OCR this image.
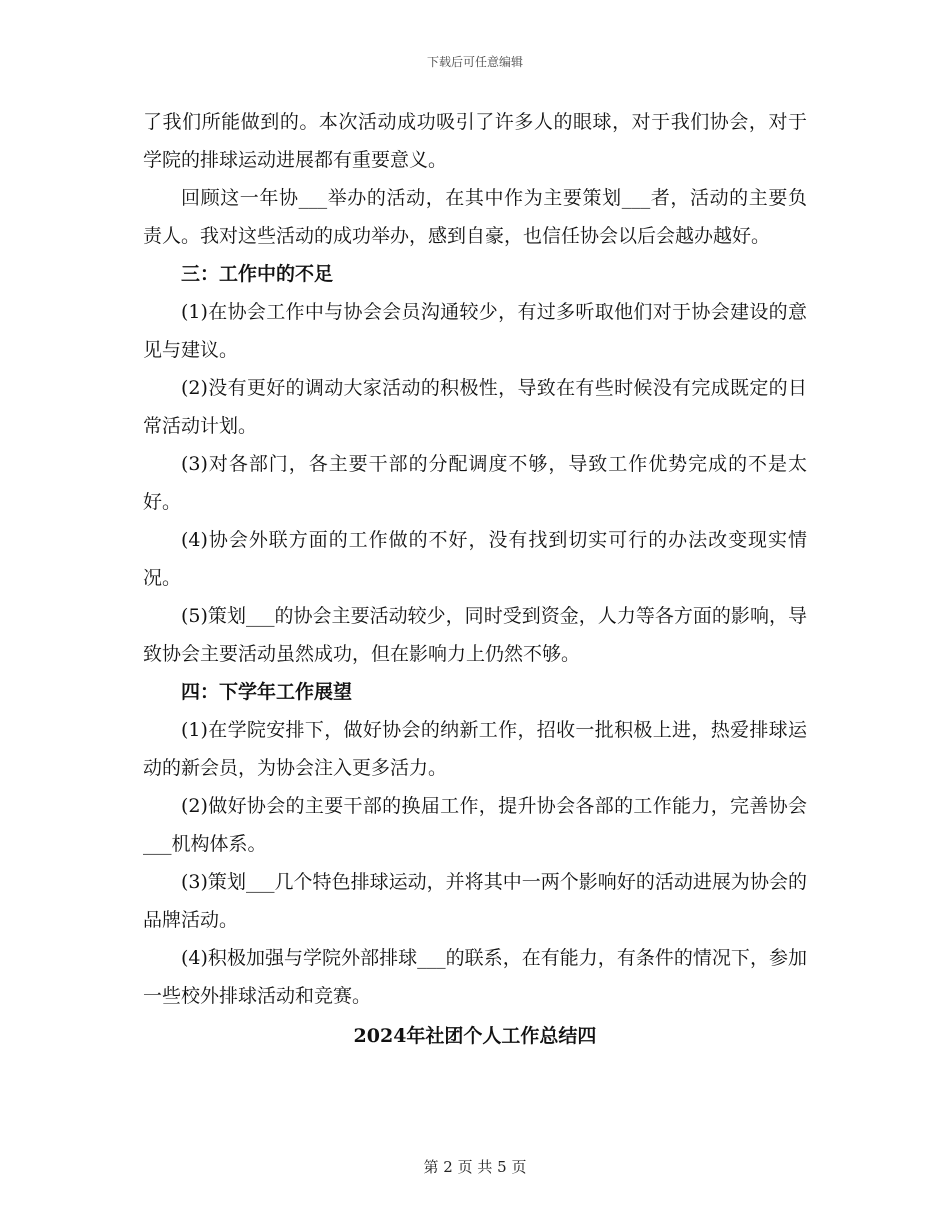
下载后可任意编辑

了我们所能做到的。本次活动成功吸引了许多人的眼球，对于我们协会，对于学院的排球运动进展都有重要意义。

回顾这一年协___举办的活动，在其中作为主要策划___者，活动的主要负责人。我对这些活动的成功举办，感到自豪，也信任协会以后会越办越好。

三：工作中的不足

(1)在协会工作中与协会会员沟通较少，有过多听取他们对于协会建设的意见与建议。

(2)没有更好的调动大家活动的积极性，导致在有些时候没有完成既定的日常活动计划。

(3)对各部门，各主要干部的分配调度不够，导致工作优势完成的不是太好。

(4)协会外联方面的工作做的不好，没有找到切实可行的办法改变现实情况。

(5)策划___的协会主要活动较少，同时受到资金，人力等各方面的影响，导致协会主要活动虽然成功，但在影响力上仍然不够。

四：下学年工作展望

(1)在学院安排下，做好协会的纳新工作，招收一批积极上进，热爱排球运动的新会员，为协会注入更多活力。

(2)做好协会的主要干部的换届工作，提升协会各部的工作能力，完善协会___机构体系。

(3)策划___几个特色排球运动，并将其中一两个影响好的活动进展为协会的品牌活动。

(4)积极加强与学院外部排球___的联系，在有能力，有条件的情况下，参加一些校外排球活动和竞赛。

2024年社团个人工作总结四

第 2 页 共 5 页
